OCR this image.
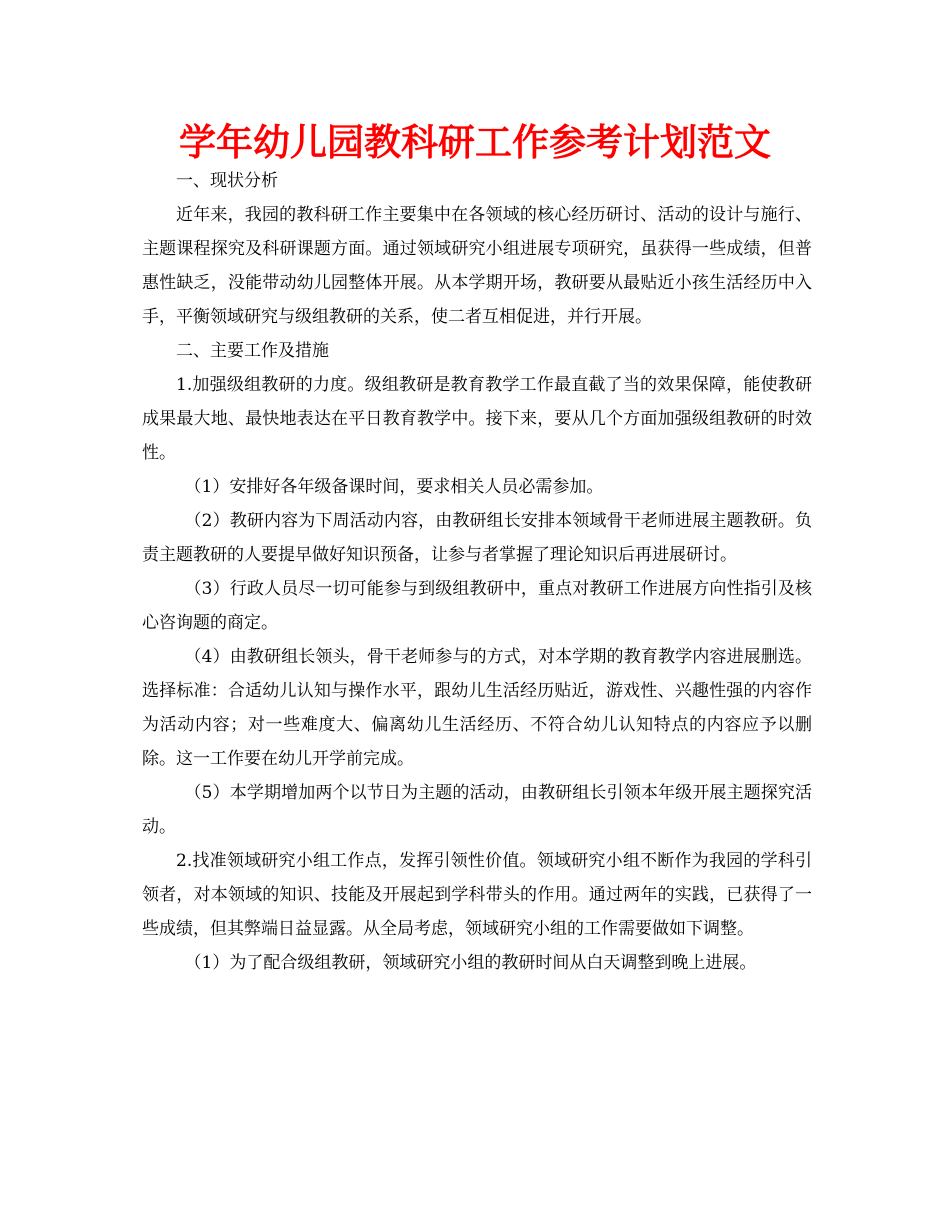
学年幼儿园教科研工作参考计划范文

一、现状分析

近年来，我园的教科研工作主要集中在各领域的核心经历研讨、活动的设计与施行、主题课程探究及科研课题方面。通过领域研究小组进展专项研究，虽获得一些成绩，但普惠性缺乏，没能带动幼儿园整体开展。从本学期开场，教研要从最贴近小孩生活经历中入手，平衡领域研究与级组教研的关系，使二者互相促进，并行开展。

二、主要工作及措施

1.加强级组教研的力度。级组教研是教育教学工作最直截了当的效果保障，能使教研成果最大地、最快地表达在平日教育教学中。接下来，要从几个方面加强级组教研的时效性。

（1）安排好各年级备课时间，要求相关人员必需参加。

（2）教研内容为下周活动内容，由教研组长安排本领域骨干老师进展主题教研。负责主题教研的人要提早做好知识预备，让参与者掌握了理论知识后再进展研讨。

（3）行政人员尽一切可能参与到级组教研中，重点对教研工作进展方向性指引及核心咨询题的商定。

（4）由教研组长领头，骨干老师参与的方式，对本学期的教育教学内容进展删选。选择标准：合适幼儿认知与操作水平，跟幼儿生活经历贴近，游戏性、兴趣性强的内容作为活动内容；对一些难度大、偏离幼儿生活经历、不符合幼儿认知特点的内容应予以删除。这一工作要在幼儿开学前完成。

（5）本学期增加两个以节日为主题的活动，由教研组长引领本年级开展主题探究活动。

2.找准领域研究小组工作点，发挥引领性价值。领域研究小组不断作为我园的学科引领者，对本领域的知识、技能及开展起到学科带头的作用。通过两年的实践，已获得了一些成绩，但其弊端日益显露。从全局考虑，领域研究小组的工作需要做如下调整。

（1）为了配合级组教研，领域研究小组的教研时间从白天调整到晚上进展。
